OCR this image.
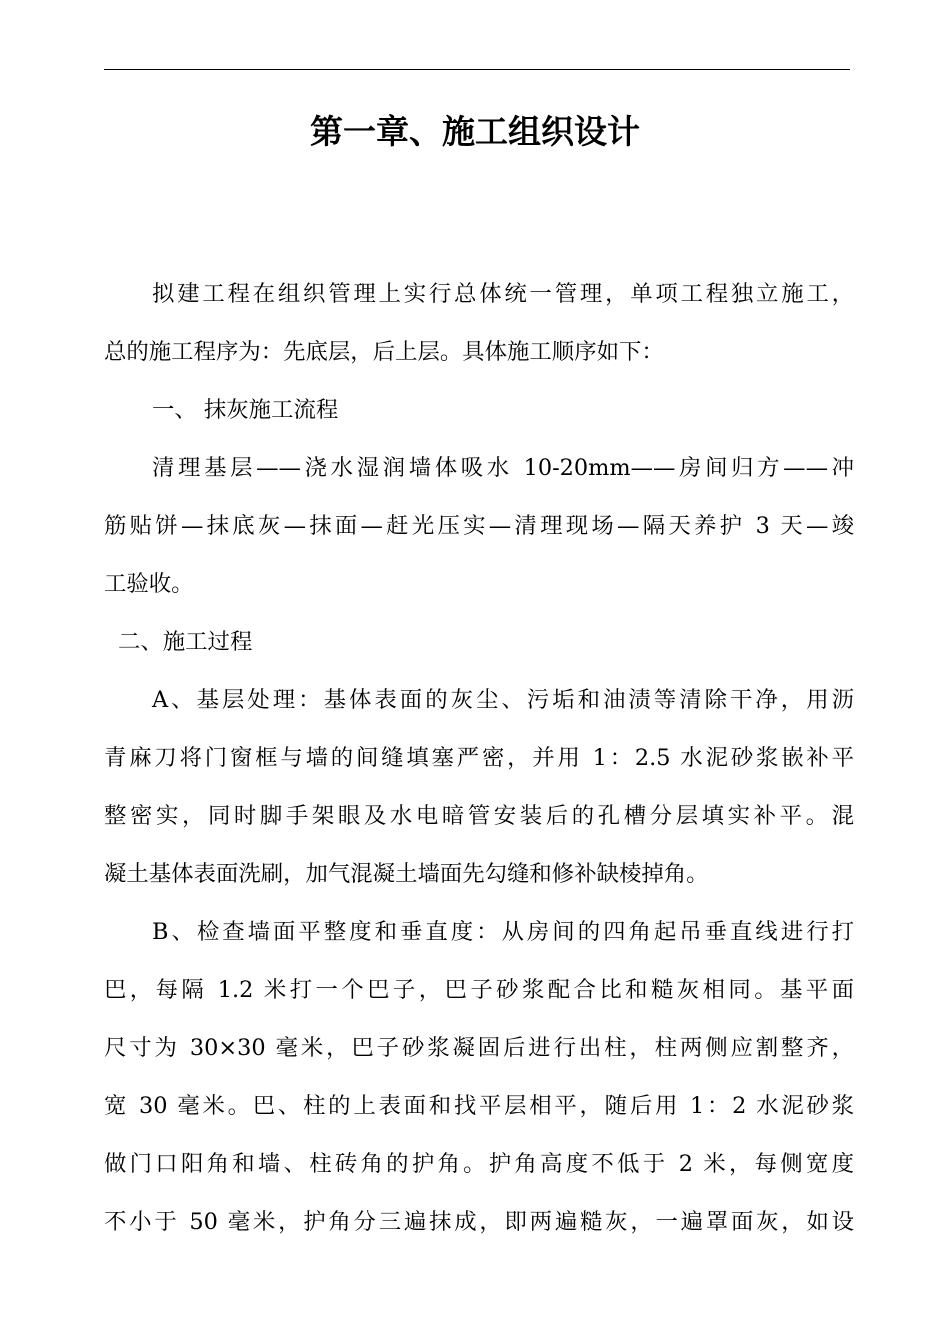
第一章、施工组织设计
拟建工程在组织管理上实行总体统一管理，单项工程独立施工，
总的施工程序为：先底层，后上层。具体施工顺序如下：
一、 抹灰施工流程
清理基层——浇水湿润墙体吸水 10-20mm——房间归方——冲
筋贴饼—抹底灰—抹面—赶光压实—清理现场—隔天养护 3 天—竣
工验收。
二、施工过程
A、基层处理：基体表面的灰尘、污垢和油渍等清除干净，用沥
青麻刀将门窗框与墙的间缝填塞严密，并用 1：2.5 水泥砂浆嵌补平
整密实，同时脚手架眼及水电暗管安装后的孔槽分层填实补平。混
凝土基体表面洗刷，加气混凝土墙面先勾缝和修补缺棱掉角。
B、检查墙面平整度和垂直度：从房间的四角起吊垂直线进行打
巴，每隔 1.2 米打一个巴子，巴子砂浆配合比和糙灰相同。基平面
尺寸为 30×30 毫米，巴子砂浆凝固后进行出柱，柱两侧应割整齐，
宽 30 毫米。巴、柱的上表面和找平层相平，随后用 1：2 水泥砂浆
做门口阳角和墙、柱砖角的护角。护角高度不低于 2 米，每侧宽度
不小于 50 毫米，护角分三遍抹成，即两遍糙灰，一遍罩面灰，如设
